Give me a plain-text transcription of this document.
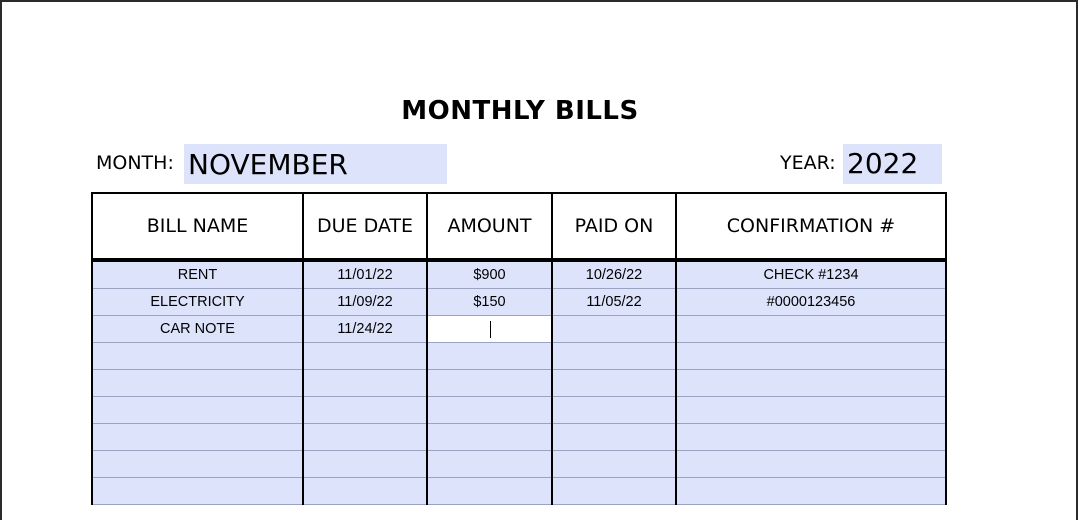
MONTHLY BILLS
MONTH: NOVEMBER	YEAR: 2022
BILL NAME	DUE DATE	AMOUNT	PAID ON	CONFIRMATION #
RENT	11/01/22	$900	10/26/22	CHECK #1234
ELECTRICITY	11/09/22	$150	11/05/22	#0000123456
CAR NOTE	11/24/22	
